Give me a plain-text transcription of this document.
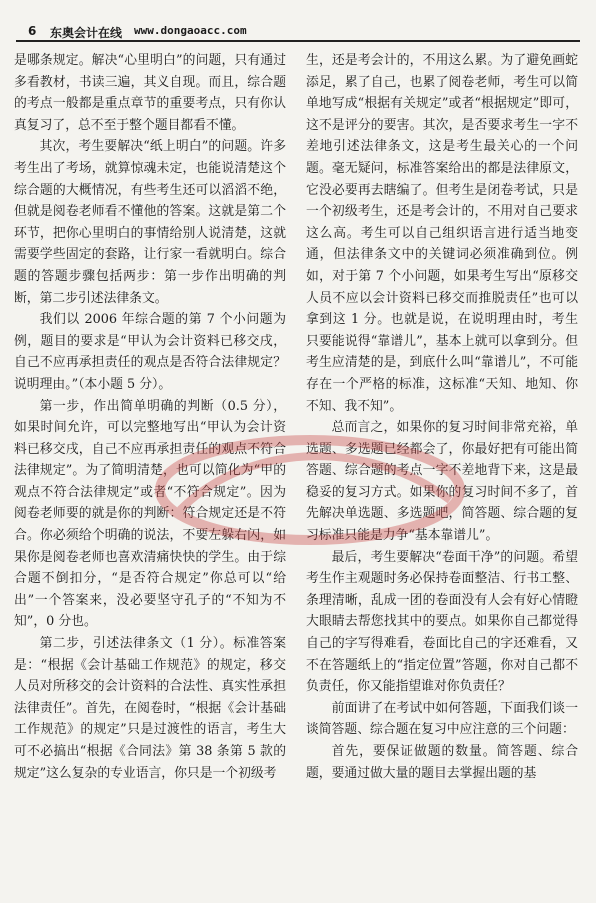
6 东奥会计在线 www.dongaoacc.com

是哪条规定。解决“心里明白”的问题，只有通过多看教材，书读三遍，其义自现。而且，综合题的考点一般都是重点章节的重要考点，只有你认真复习了，总不至于整个题目都看不懂。

其次，考生要解决“纸上明白”的问题。许多考生出了考场，就算惊魂未定，也能说清楚这个综合题的大概情况，有些考生还可以滔滔不绝，但就是阅卷老师看不懂他的答案。这就是第二个环节，把你心里明白的事情给别人说清楚，这就需要学些固定的套路，让行家一看就明白。综合题的答题步骤包括两步：第一步作出明确的判断，第二步引述法律条文。

我们以 2006 年综合题的第 7 个小问题为例，题目的要求是“甲认为会计资料已移交戌，自己不应再承担责任的观点是否符合法律规定？说明理由。”（本小题 5 分）。

第一步，作出简单明确的判断（0.5 分），如果时间允许，可以完整地写出“甲认为会计资料已移交戌，自己不应再承担责任的观点不符合法律规定”。为了简明清楚，也可以简化为“甲的观点不符合法律规定”或者“不符合规定”。因为阅卷老师要的就是你的判断：符合规定还是不符合。你必须给个明确的说法，不要左躲右闪，如果你是阅卷老师也喜欢清痛快快的学生。由于综合题不倒扣分，“是否符合规定”你总可以“给出”一个答案来，没必要坚守孔子的“不知为不知”，0 分也。

第二步，引述法律条文（1 分）。标准答案是：“根据《会计基础工作规范》的规定，移交人员对所移交的会计资料的合法性、真实性承担法律责任”。首先，在阅卷时，“根据《会计基础工作规范》的规定”只是过渡性的语言，考生大可不必搞出“根据《合同法》第 38 条第 5 款的规定”这么复杂的专业语言，你只是一个初级考

生，还是考会计的，不用这么累。为了避免画蛇添足，累了自己，也累了阅卷老师，考生可以简单地写成“根据有关规定”或者“根据规定”即可，这不是评分的要害。其次，是否要求考生一字不差地引述法律条文，这是考生最关心的一个问题。毫无疑问，标准答案给出的都是法律原文，它没必要再去瞎编了。但考生是闭卷考试，只是一个初级考生，还是考会计的，不用对自己要求这么高。考生可以自己组织语言进行适当地变通，但法律条文中的关键词必须准确到位。例如，对于第 7 个小问题，如果考生写出“原移交人员不应以会计资料已移交而推脱责任”也可以拿到这 1 分。也就是说，在说明理由时，考生只要能说得“靠谱儿”，基本上就可以拿到分。但考生应清楚的是，到底什么叫“靠谱儿”，不可能存在一个严格的标准，这标准“天知、地知、你不知、我不知”。

总而言之，如果你的复习时间非常充裕，单选题、多选题已经都会了，你最好把有可能出简答题、综合题的考点一字不差地背下来，这是最稳妥的复习方式。如果你的复习时间不多了，首先解决单选题、多选题吧，简答题、综合题的复习标准只能是力争“基本靠谱儿”。

最后，考生要解决“卷面干净”的问题。希望考生作主观题时务必保持卷面整洁、行书工整、条理清晰，乱成一团的卷面没有人会有好心情瞪大眼睛去帮您找其中的要点。如果你自己都觉得自己的字写得难看，卷面比自己的字还难看，又不在答题纸上的“指定位置”答题，你对自己都不负责任，你又能指望谁对你负责任？

前面讲了在考试中如何答题，下面我们谈一谈简答题、综合题在复习中应注意的三个问题：

首先，要保证做题的数量。简答题、综合题，要通过做大量的题目去掌握出题的基
